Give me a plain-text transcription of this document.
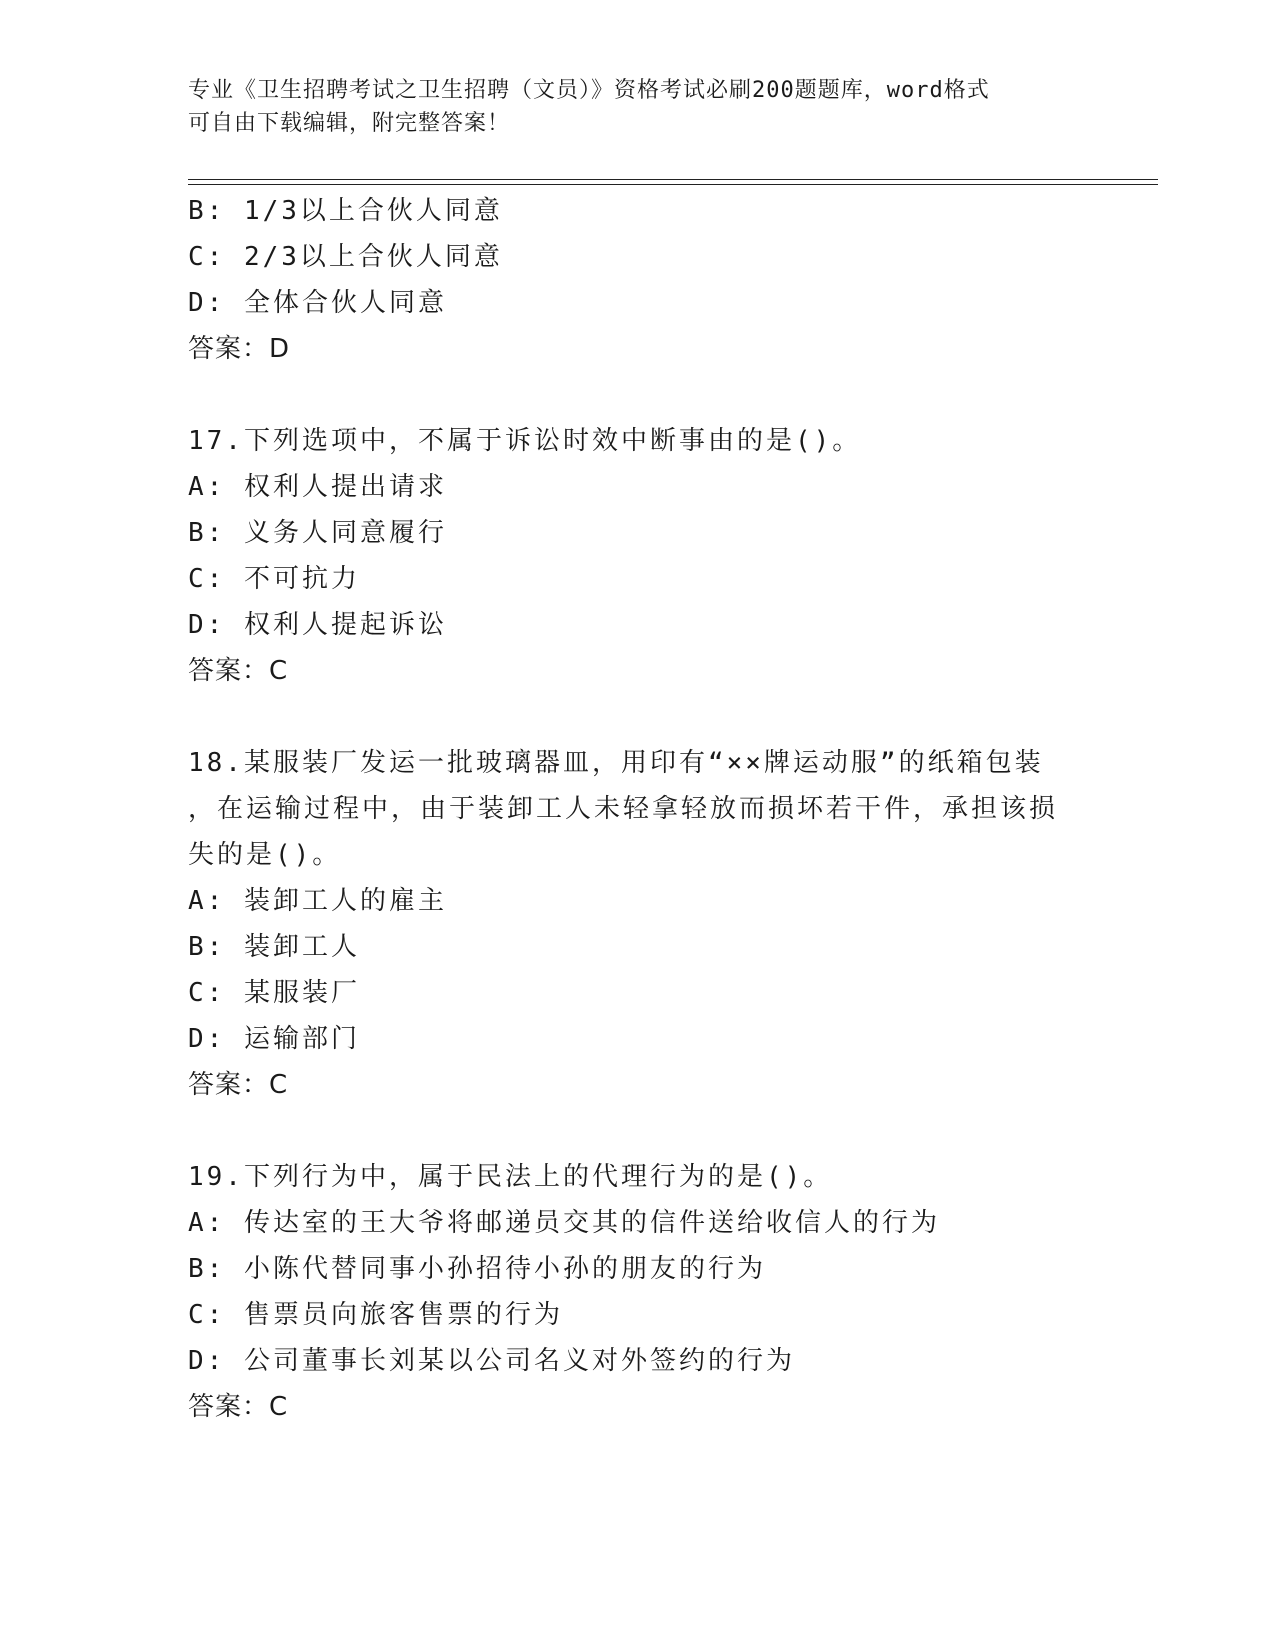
专业《卫生招聘考试之卫生招聘（文员）》资格考试必刷200题题库，word格式
可自由下载编辑，附完整答案！
B: 1/3以上合伙人同意
C: 2/3以上合伙人同意
D: 全体合伙人同意
答案：D
17.下列选项中，不属于诉讼时效中断事由的是()。
A: 权利人提出请求
B: 义务人同意履行
C: 不可抗力
D: 权利人提起诉讼
答案：C
18.某服装厂发运一批玻璃器皿，用印有“××牌运动服”的纸箱包装
，在运输过程中，由于装卸工人未轻拿轻放而损坏若干件，承担该损
失的是()。
A: 装卸工人的雇主
B: 装卸工人
C: 某服装厂
D: 运输部门
答案：C
19.下列行为中，属于民法上的代理行为的是()。
A: 传达室的王大爷将邮递员交其的信件送给收信人的行为
B: 小陈代替同事小孙招待小孙的朋友的行为
C: 售票员向旅客售票的行为
D: 公司董事长刘某以公司名义对外签约的行为
答案：C
